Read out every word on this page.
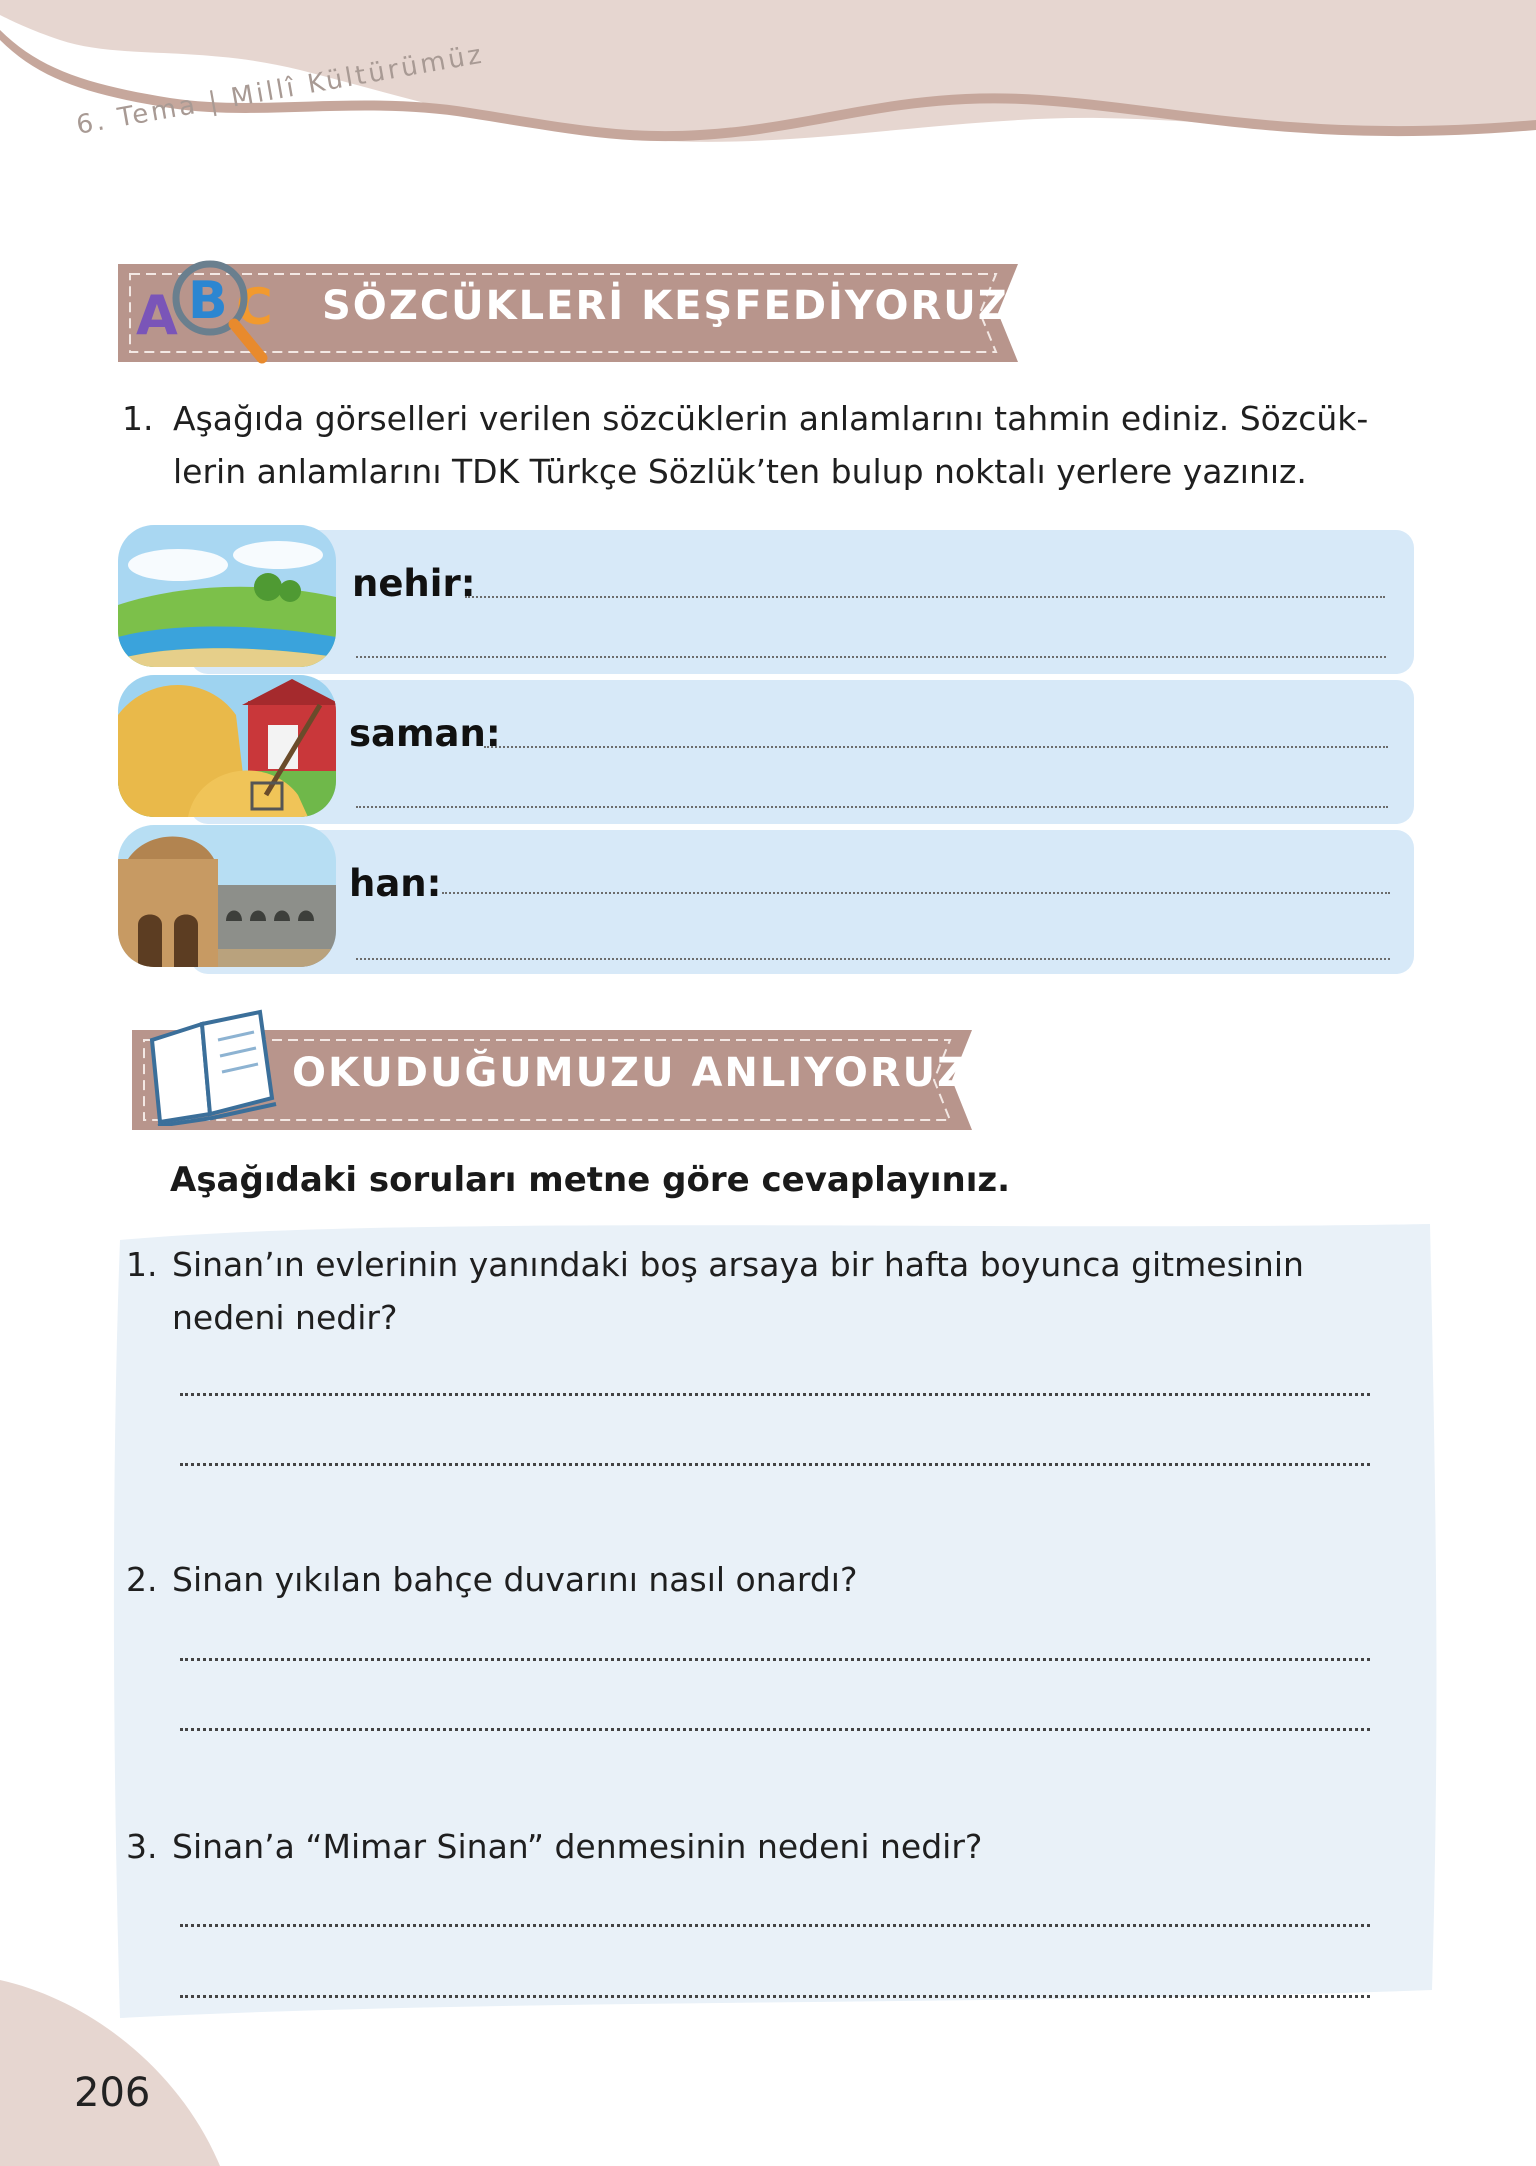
6. Tema | Millî Kültürümüz
A B C SÖZCÜKLERİ KEŞFEDİYORUZ
1. Aşağıda görselleri verilen sözcüklerin anlamlarını tahmin ediniz. Sözcük-
lerin anlamlarını TDK Türkçe Sözlük’ten bulup noktalı yerlere yazınız.
nehir:
saman:
han:
OKUDUĞUMUZU ANLIYORUZ
Aşağıdaki soruları metne göre cevaplayınız.
1. Sinan’ın evlerinin yanındaki boş arsaya bir hafta boyunca gitmesinin
nedeni nedir?
2. Sinan yıkılan bahçe duvarını nasıl onardı?
3. Sinan’a “Mimar Sinan” denmesinin nedeni nedir?
206
